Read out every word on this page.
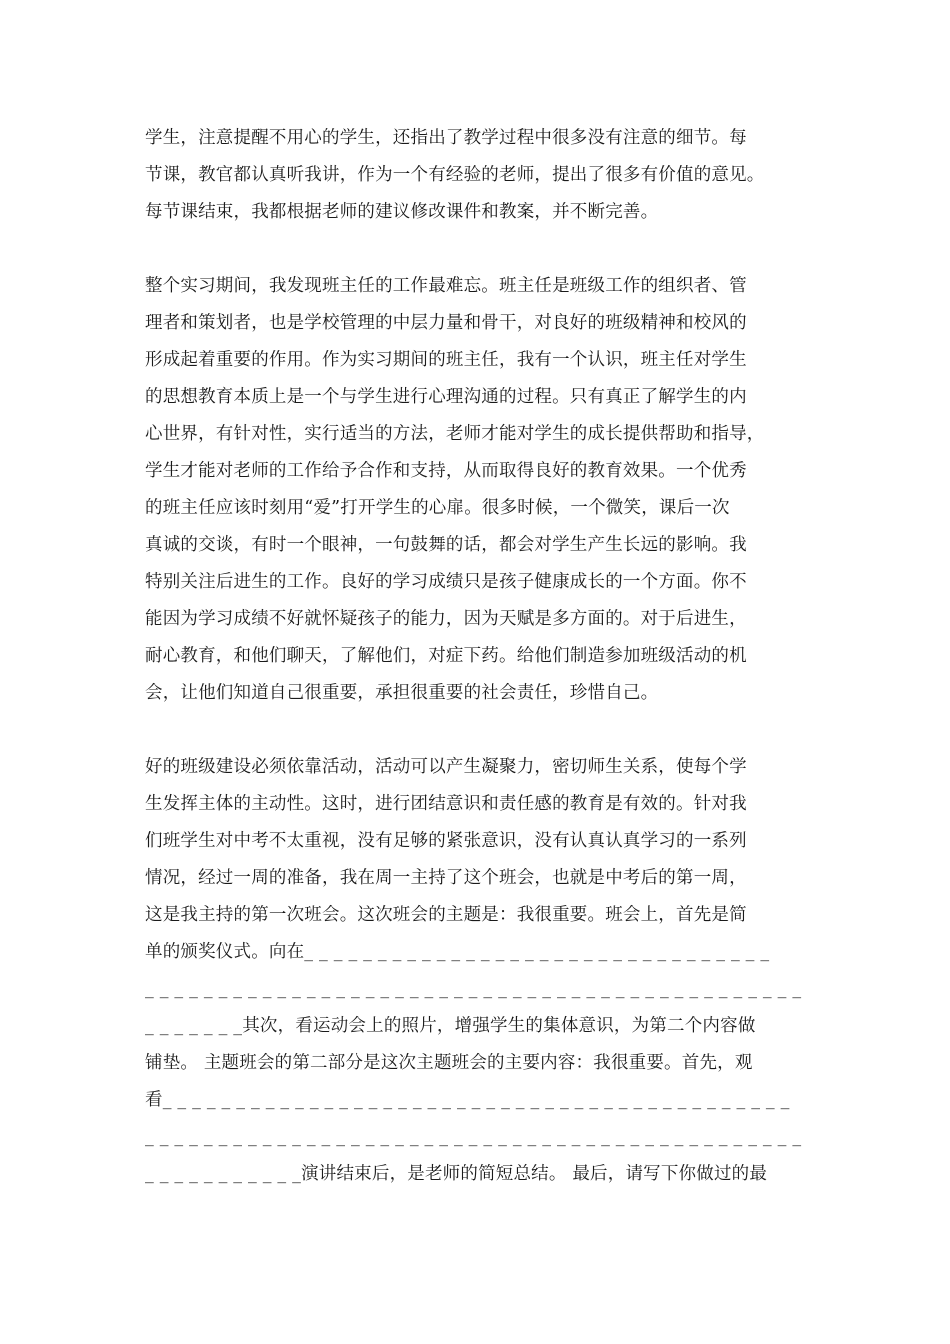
学生，注意提醒不用心的学生，还指出了教学过程中很多没有注意的细节。每
节课，教官都认真听我讲，作为一个有经验的老师，提出了很多有价值的意见。
每节课结束，我都根据老师的建议修改课件和教案，并不断完善。
整个实习期间，我发现班主任的工作最难忘。班主任是班级工作的组织者、管
理者和策划者，也是学校管理的中层力量和骨干，对良好的班级精神和校风的
形成起着重要的作用。作为实习期间的班主任，我有一个认识，班主任对学生
的思想教育本质上是一个与学生进行心理沟通的过程。只有真正了解学生的内
心世界，有针对性，实行适当的方法，老师才能对学生的成长提供帮助和指导，
学生才能对老师的工作给予合作和支持，从而取得良好的教育效果。一个优秀
的班主任应该时刻用“爱”打开学生的心扉。很多时候，一个微笑，课后一次
真诚的交谈，有时一个眼神，一句鼓舞的话，都会对学生产生长远的影响。我
特别关注后进生的工作。良好的学习成绩只是孩子健康成长的一个方面。你不
能因为学习成绩不好就怀疑孩子的能力，因为天赋是多方面的。对于后进生，
耐心教育，和他们聊天，了解他们，对症下药。给他们制造参加班级活动的机
会，让他们知道自己很重要，承担很重要的社会责任，珍惜自己。
好的班级建设必须依靠活动，活动可以产生凝聚力，密切师生关系，使每个学
生发挥主体的主动性。这时，进行团结意识和责任感的教育是有效的。针对我
们班学生对中考不太重视，没有足够的紧张意识，没有认真认真学习的一系列
情况，经过一周的准备，我在周一主持了这个班会，也就是中考后的第一周，
这是我主持的第一次班会。这次班会的主题是：我很重要。班会上，首先是简
单的颁奖仪式。向在_ _ _ _ _ _ _ _ _ _ _ _ _ _ _ _ _ _ _ _ _ _ _ _ _ _ _ _ _ _ _ _
_ _ _ _ _ _ _ _ _ _ _ _ _ _ _ _ _ _ _ _ _ _ _ _ _ _ _ _ _ _ _ _ _ _ _ _ _ _ _ _ _ _ _ _ _
_ _ _ _ _ _ _其次，看运动会上的照片，增强学生的集体意识，为第二个内容做
铺垫。 主题班会的第二部分是这次主题班会的主要内容：我很重要。首先，观
看_ _ _ _ _ _ _ _ _ _ _ _ _ _ _ _ _ _ _ _ _ _ _ _ _ _ _ _ _ _ _ _ _ _ _ _ _ _ _ _ _ _ _
_ _ _ _ _ _ _ _ _ _ _ _ _ _ _ _ _ _ _ _ _ _ _ _ _ _ _ _ _ _ _ _ _ _ _ _ _ _ _ _ _ _ _ _ _
_ _ _ _ _ _ _ _ _ _ _演讲结束后，是老师的简短总结。 最后，请写下你做过的最
